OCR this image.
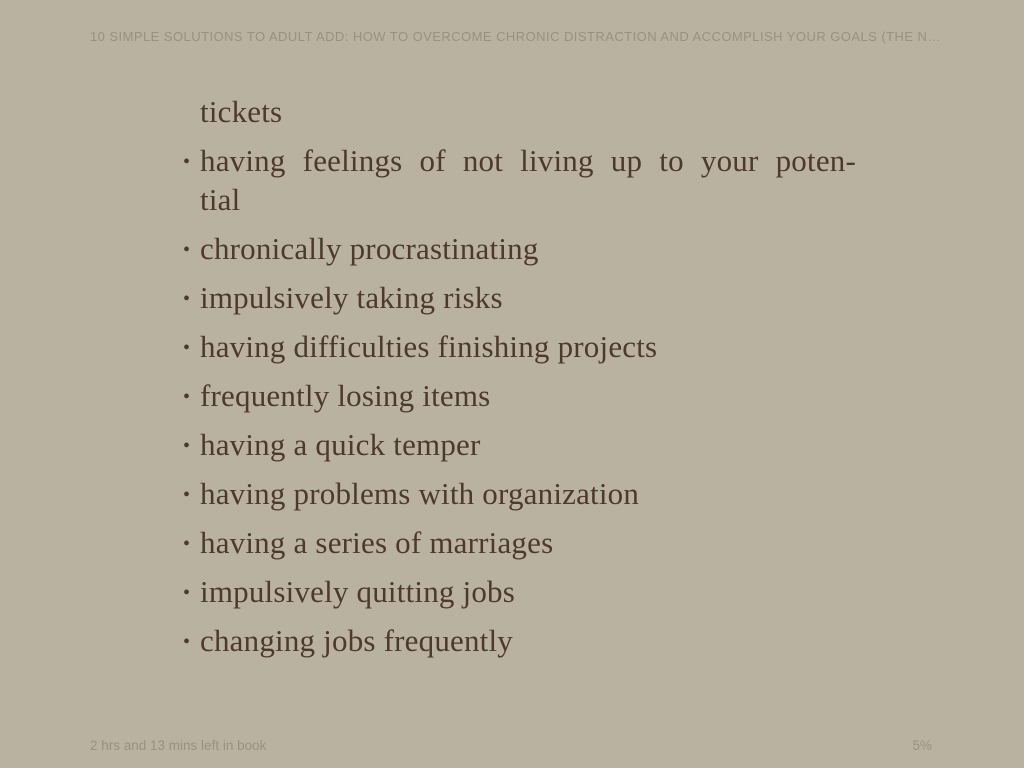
10 SIMPLE SOLUTIONS TO ADULT ADD: HOW TO OVERCOME CHRONIC DISTRACTION AND ACCOMPLISH YOUR GOALS (THE N…
tickets
• having feelings of not living up to your poten-
tial
• chronically procrastinating
• impulsively taking risks
• having difficulties finishing projects
• frequently losing items
• having a quick temper
• having problems with organization
• having a series of marriages
• impulsively quitting jobs
• changing jobs frequently
2 hrs and 13 mins left in book	5%
